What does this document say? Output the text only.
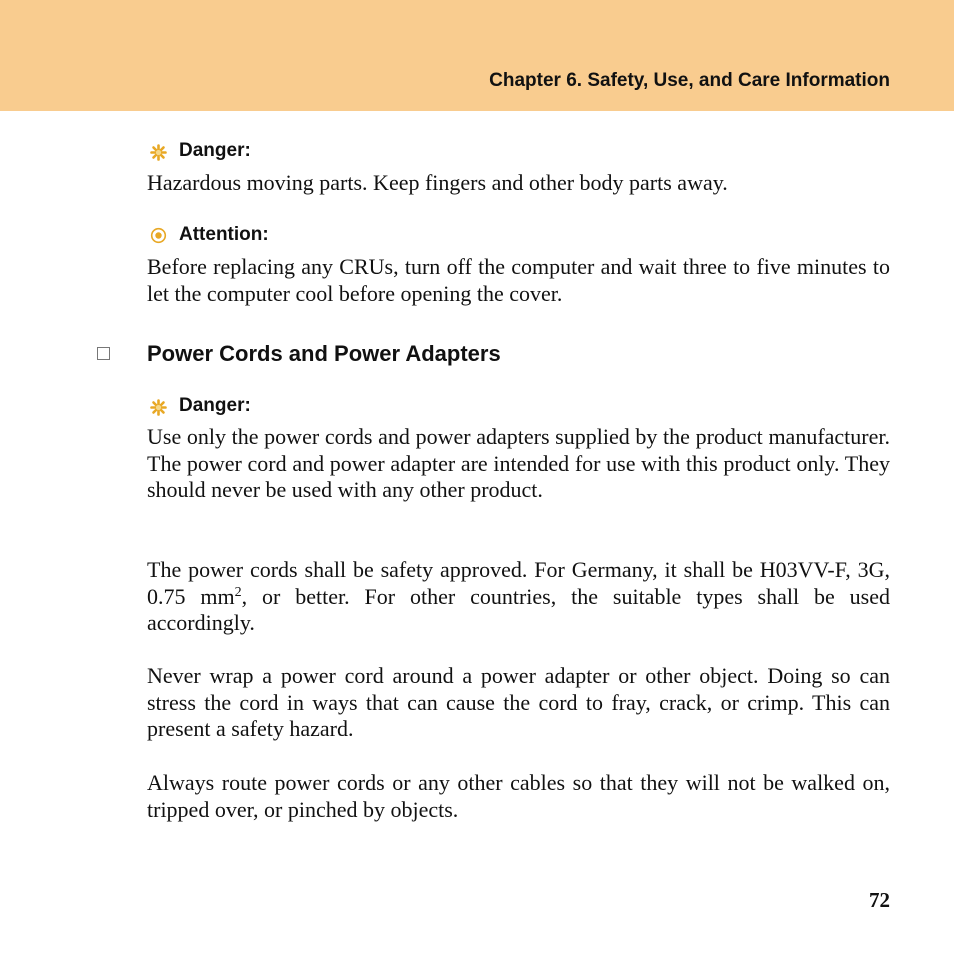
Chapter 6. Safety, Use, and Care Information

Danger:

Hazardous moving parts. Keep fingers and other body parts away.

Attention:

Before replacing any CRUs, turn off the computer and wait three to five minutes to let the computer cool before opening the cover.

Power Cords and Power Adapters

Danger:

Use only the power cords and power adapters supplied by the product manufacturer. The power cord and power adapter are intended for use with this product only. They should never be used with any other product.

The power cords shall be safety approved. For Germany, it shall be H03VV-F, 3G, 0.75 $mm^2$, or better. For other countries, the suitable types shall be used accordingly.

Never wrap a power cord around a power adapter or other object. Doing so can stress the cord in ways that can cause the cord to fray, crack, or crimp. This can present a safety hazard.

Always route power cords or any other cables so that they will not be walked on, tripped over, or pinched by objects.

72
